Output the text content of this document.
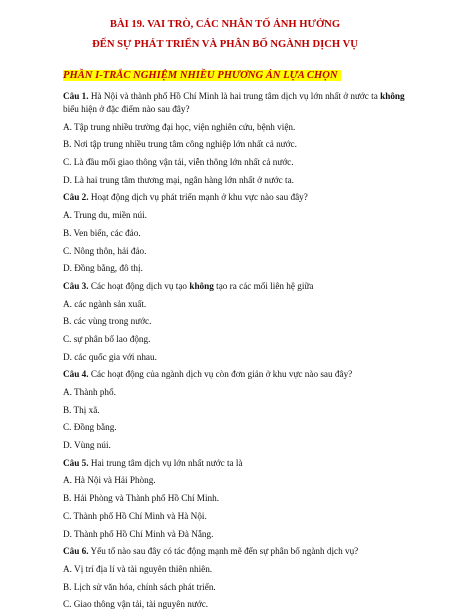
BÀI 19. VAI TRÒ, CÁC NHÂN TỐ ẢNH HƯỞNG
ĐẾN SỰ PHÁT TRIỂN VÀ PHÂN BỐ NGÀNH DỊCH VỤ
PHẦN I-TRẮC NGHIỆM NHIỀU PHƯƠNG ÁN LỰA CHỌN
Câu 1. Hà Nội và thành phố Hồ Chí Minh là hai trung tâm dịch vụ lớn nhất ở nước ta không biểu hiện ở đặc điểm nào sau đây?
A. Tập trung nhiều trường đại học, viện nghiên cứu, bệnh viện.
B. Nơi tập trung nhiều trung tâm công nghiệp lớn nhất cả nước.
C. Là đầu mối giao thông vận tải, viễn thông lớn nhất cả nước.
D. Là hai trung tâm thương mại, ngân hàng lớn nhất ở nước ta.
Câu 2. Hoạt động dịch vụ phát triển mạnh ở khu vực nào sau đây?
A. Trung du, miền núi.
B. Ven biển, các đảo.
C. Nông thôn, hải đảo.
D. Đồng bằng, đô thị.
Câu 3. Các hoạt động dịch vụ tạo không tạo ra các mối liên hệ giữa
A. các ngành sản xuất.
B. các vùng trong nước.
C. sự phân bố lao động.
D. các quốc gia với nhau.
Câu 4. Các hoạt động của ngành dịch vụ còn đơn giản ở khu vực nào sau đây?
A. Thành phố.
B. Thị xã.
C. Đồng bằng.
D. Vùng núi.
Câu 5. Hai trung tâm dịch vụ lớn nhất nước ta là
A. Hà Nội và Hải Phòng.
B. Hải Phòng và Thành phố Hồ Chí Minh.
C. Thành phố Hồ Chí Minh và Hà Nội.
D. Thành phố Hồ Chí Minh và Đà Nẵng.
Câu 6. Yếu tố nào sau đây có tác động mạnh mẽ đến sự phân bố ngành dịch vụ?
A. Vị trí địa lí và tài nguyên thiên nhiên.
B. Lịch sử văn hóa, chính sách phát triển.
C. Giao thông vận tải, tài nguyên nước.
